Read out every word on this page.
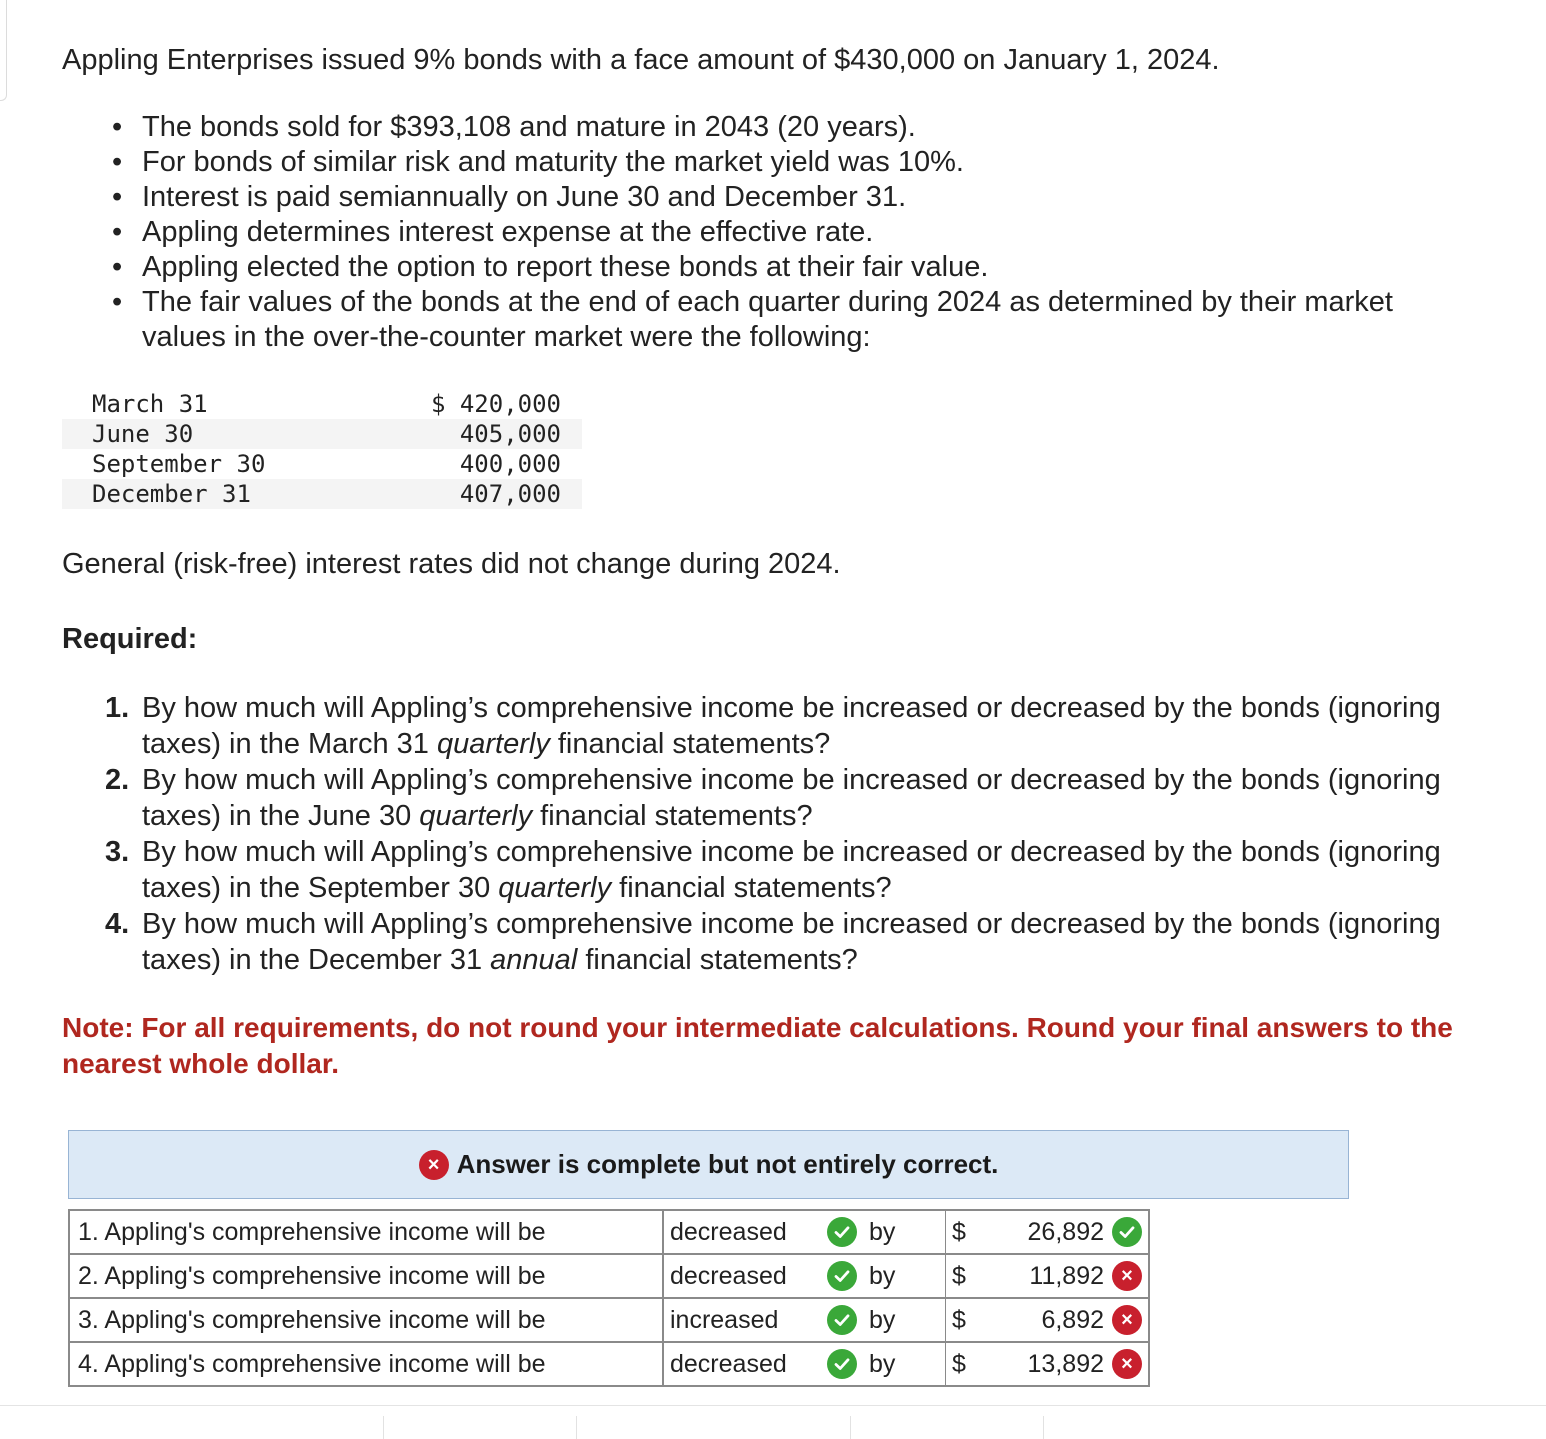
Appling Enterprises issued 9% bonds with a face amount of $430,000 on January 1, 2024.

• The bonds sold for $393,108 and mature in 2043 (20 years).
• For bonds of similar risk and maturity the market yield was 10%.
• Interest is paid semiannually on June 30 and December 31.
• Appling determines interest expense at the effective rate.
• Appling elected the option to report these bonds at their fair value.
• The fair values of the bonds at the end of each quarter during 2024 as determined by their market values in the over-the-counter market were the following:
March 31	$ 420,000
June 30	405,000
September 30	400,000
December 31	407,000

General (risk-free) interest rates did not change during 2024.

Required:

1. By how much will Appling’s comprehensive income be increased or decreased by the bonds (ignoring taxes) in the March 31 quarterly financial statements?
2. By how much will Appling’s comprehensive income be increased or decreased by the bonds (ignoring taxes) in the June 30 quarterly financial statements?
3. By how much will Appling’s comprehensive income be increased or decreased by the bonds (ignoring taxes) in the September 30 quarterly financial statements?
4. By how much will Appling’s comprehensive income be increased or decreased by the bonds (ignoring taxes) in the December 31 annual financial statements?

Note: For all requirements, do not round your intermediate calculations. Round your final answers to the nearest whole dollar.

× Answer is complete but not entirely correct.
1. Appling's comprehensive income will be	decreased	by	$ 26,892

2. Appling's comprehensive income will be	decreased	by	$ 11,892 ×

3. Appling's comprehensive income will be	increased	by	$ 6,892 ×

4. Appling's comprehensive income will be	decreased	by	$ 13,892 ×
